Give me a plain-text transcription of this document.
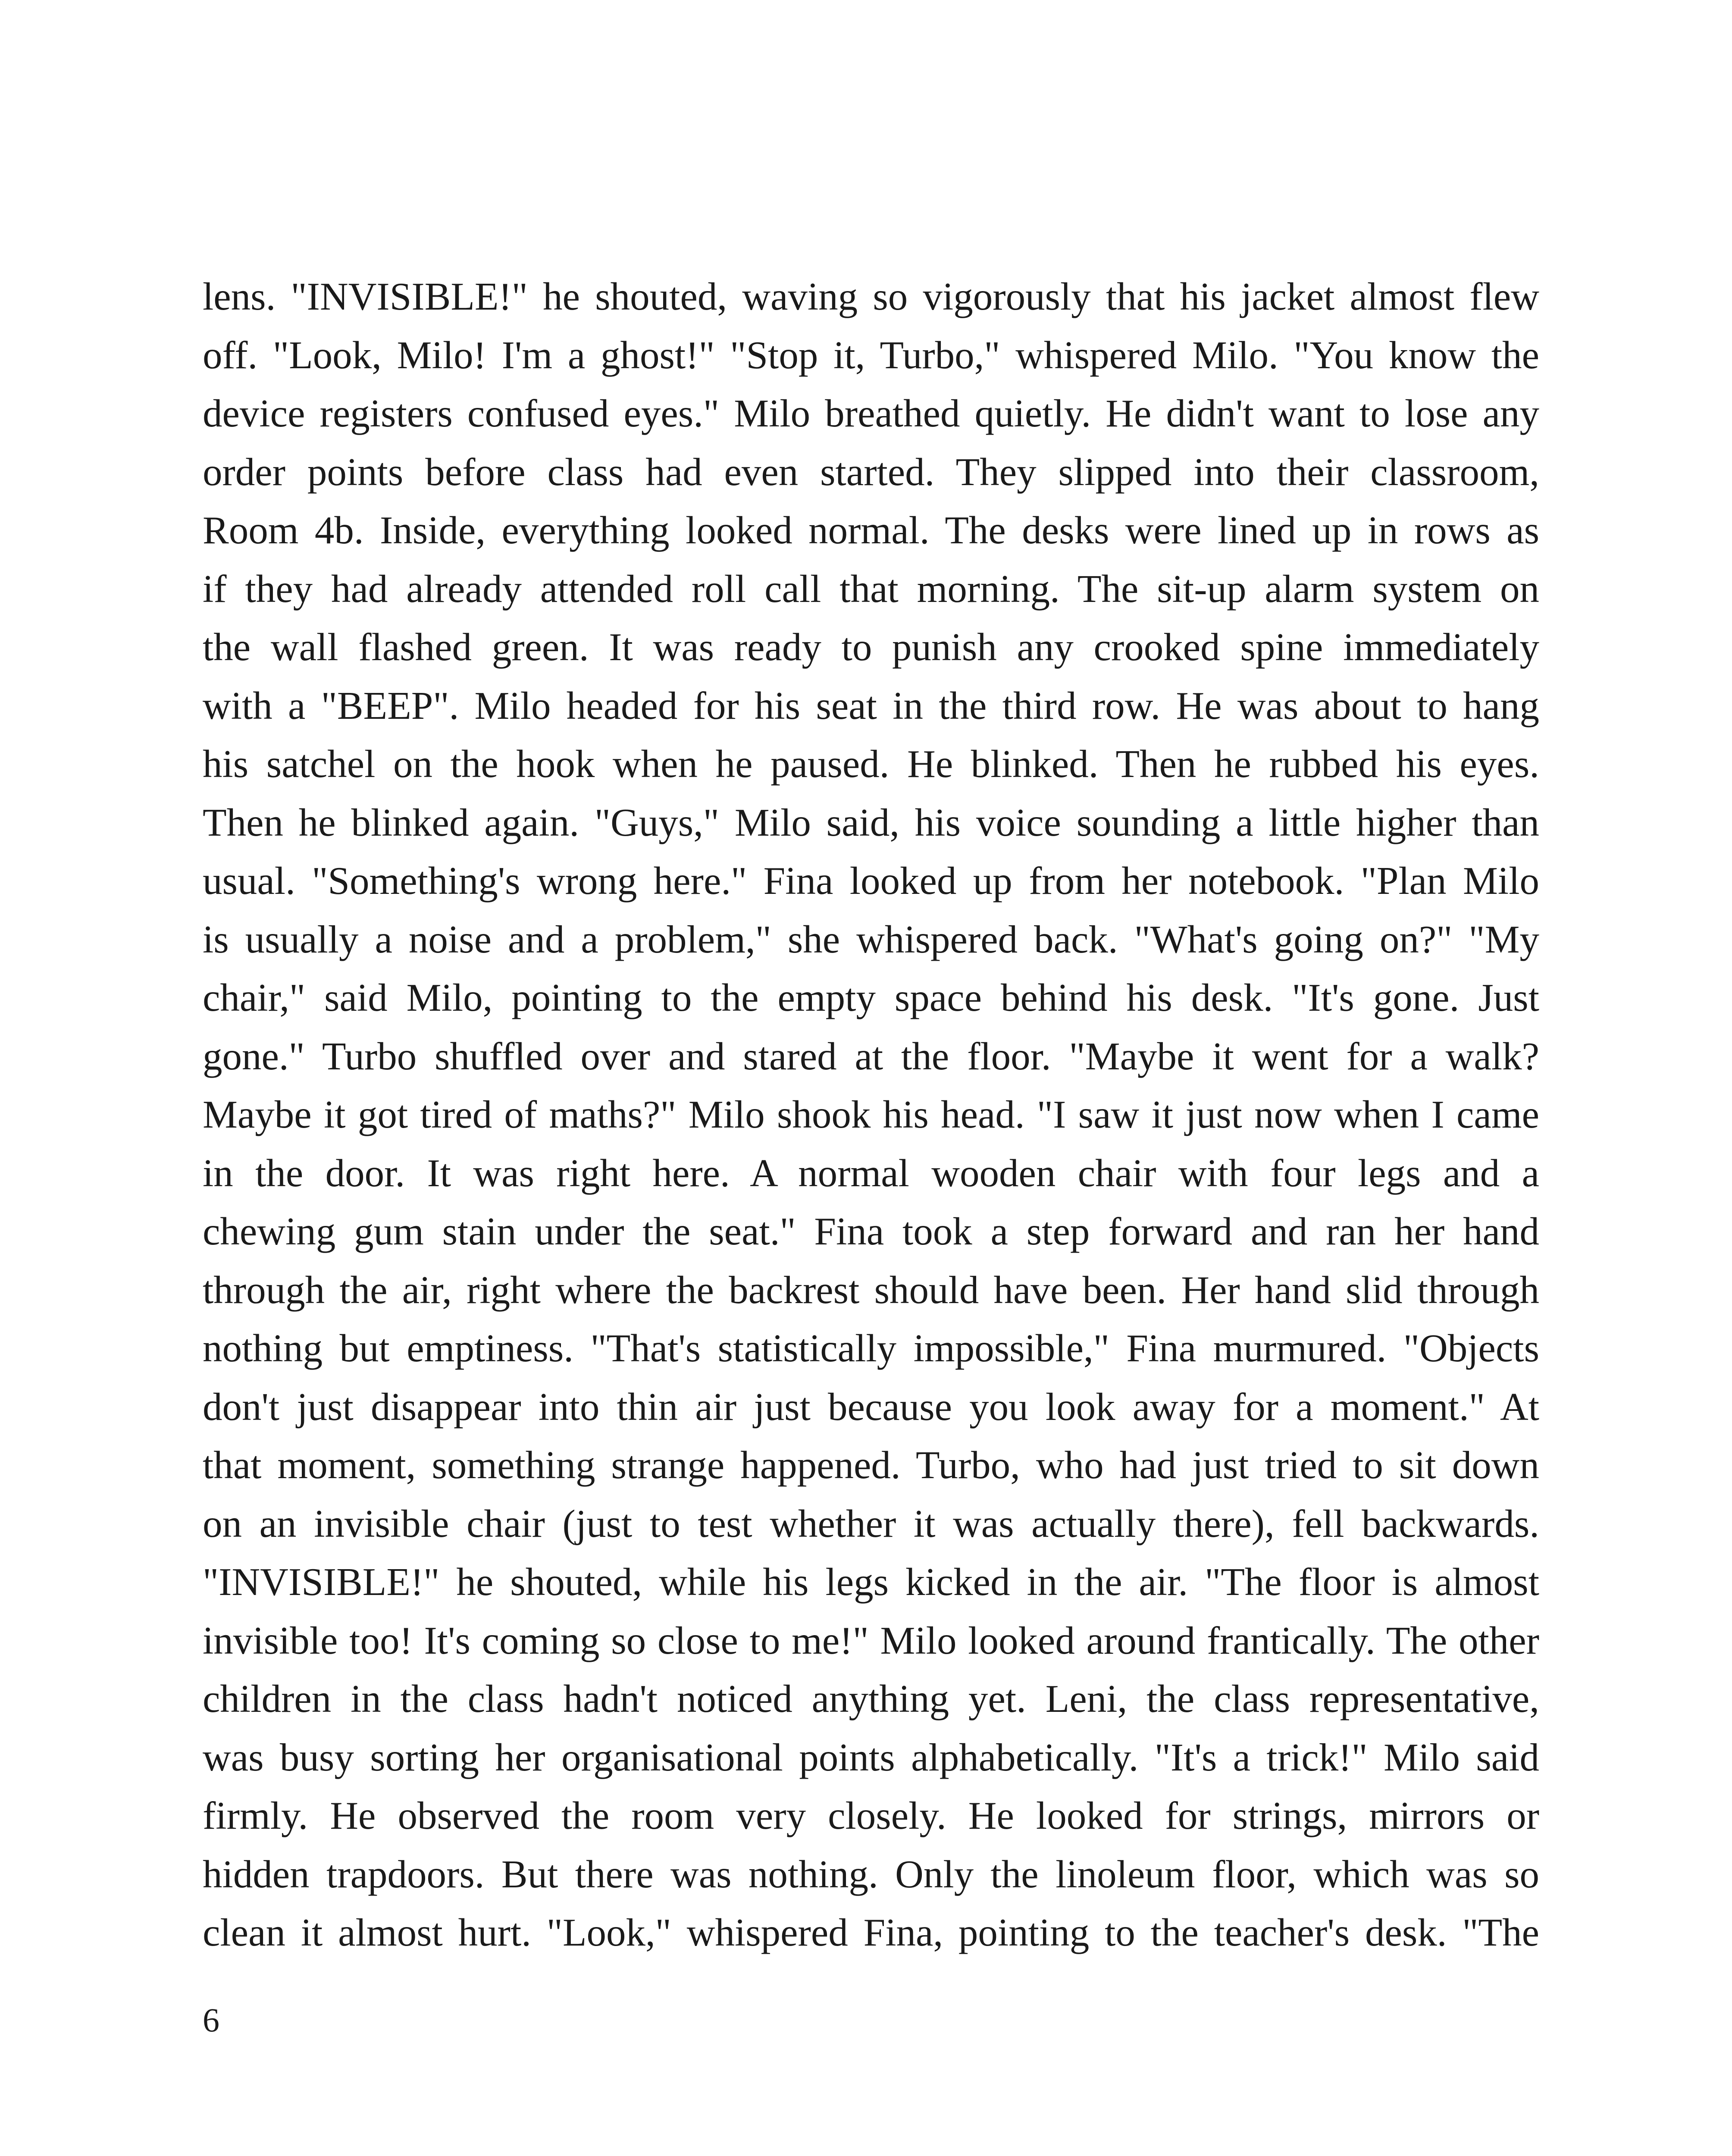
lens. "INVISIBLE!" he shouted, waving so vigorously that his jacket almost flew
off. "Look, Milo! I'm a ghost!" "Stop it, Turbo," whispered Milo. "You know the
device registers confused eyes." Milo breathed quietly. He didn't want to lose any
order points before class had even started. They slipped into their classroom,
Room 4b. Inside, everything looked normal. The desks were lined up in rows as
if they had already attended roll call that morning. The sit-up alarm system on
the wall flashed green. It was ready to punish any crooked spine immediately
with a "BEEP". Milo headed for his seat in the third row. He was about to hang
his satchel on the hook when he paused. He blinked. Then he rubbed his eyes.
Then he blinked again. "Guys," Milo said, his voice sounding a little higher than
usual. "Something's wrong here." Fina looked up from her notebook. "Plan Milo
is usually a noise and a problem," she whispered back. "What's going on?" "My
chair," said Milo, pointing to the empty space behind his desk. "It's gone. Just
gone." Turbo shuffled over and stared at the floor. "Maybe it went for a walk?
Maybe it got tired of maths?" Milo shook his head. "I saw it just now when I came
in the door. It was right here. A normal wooden chair with four legs and a
chewing gum stain under the seat." Fina took a step forward and ran her hand
through the air, right where the backrest should have been. Her hand slid through
nothing but emptiness. "That's statistically impossible," Fina murmured. "Objects
don't just disappear into thin air just because you look away for a moment." At
that moment, something strange happened. Turbo, who had just tried to sit down
on an invisible chair (just to test whether it was actually there), fell backwards.
"INVISIBLE!" he shouted, while his legs kicked in the air. "The floor is almost
invisible too! It's coming so close to me!" Milo looked around frantically. The other
children in the class hadn't noticed anything yet. Leni, the class representative,
was busy sorting her organisational points alphabetically. "It's a trick!" Milo said
firmly. He observed the room very closely. He looked for strings, mirrors or
hidden trapdoors. But there was nothing. Only the linoleum floor, which was so
clean it almost hurt. "Look," whispered Fina, pointing to the teacher's desk. "The
6
